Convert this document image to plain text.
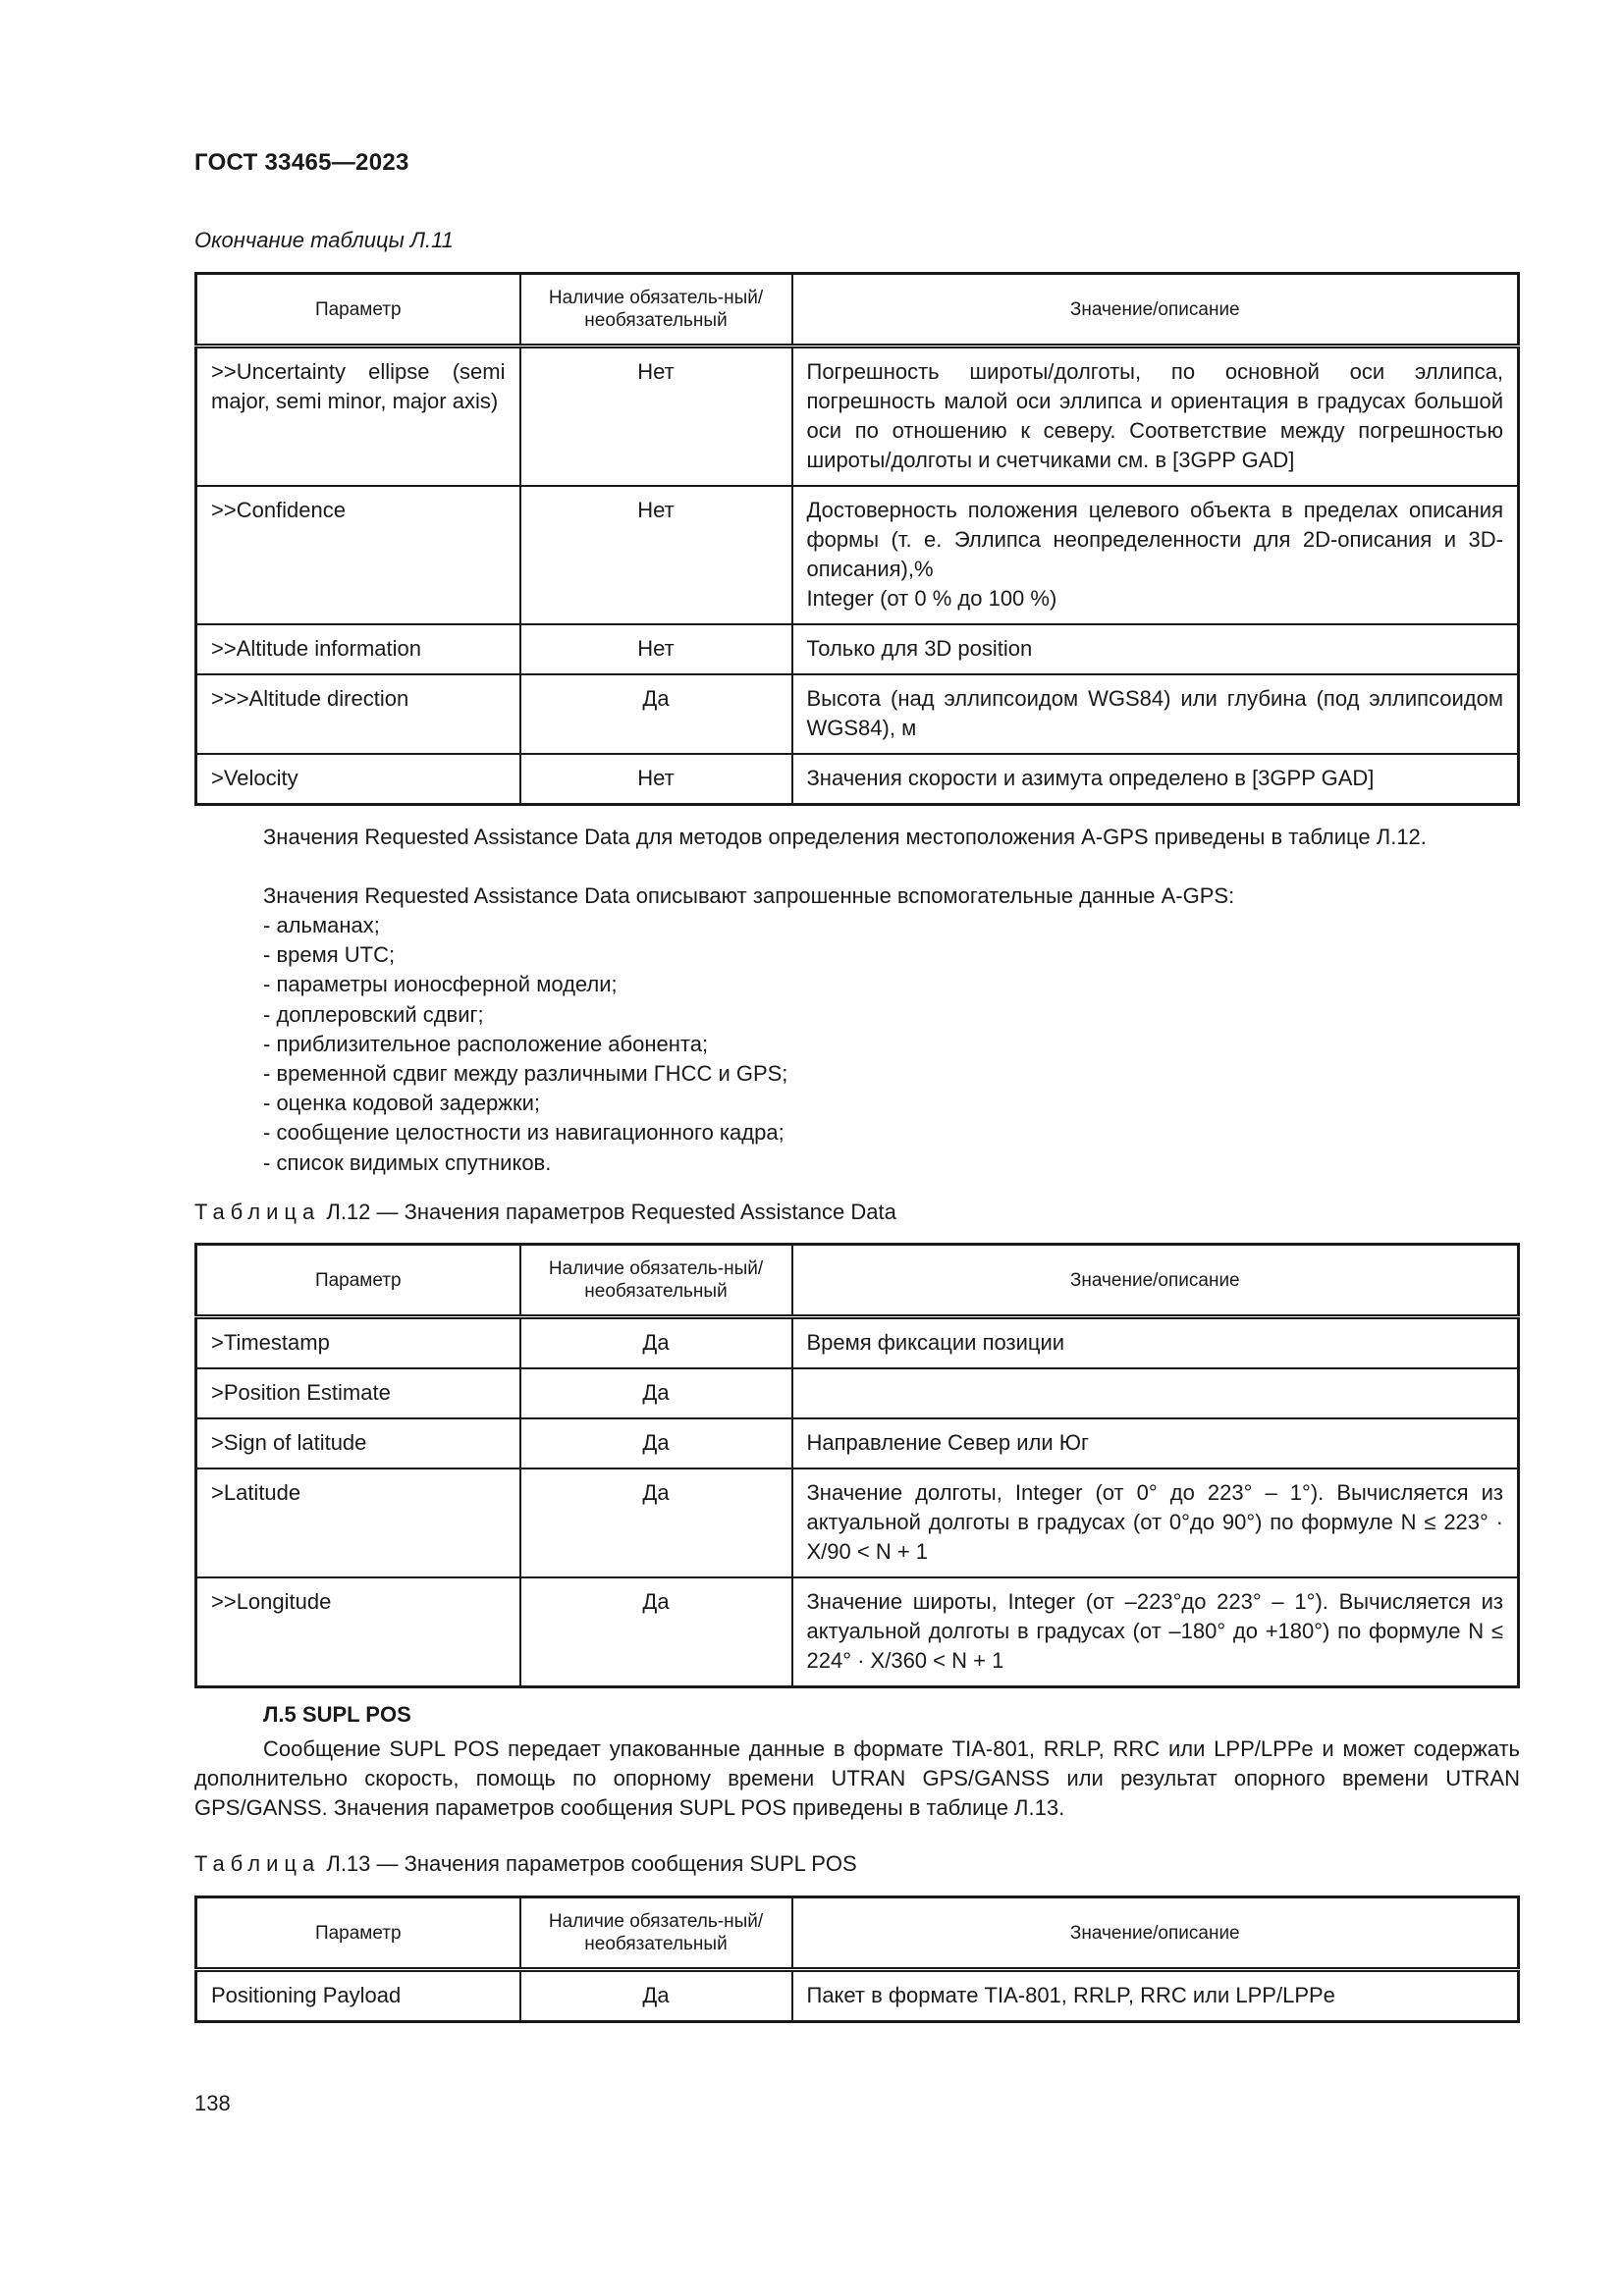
ГОСТ 33465—2023
Окончание таблицы Л.11
Параметр	Наличие обязатель-ный/необязательный	Значение/описание
>>Uncertainty ellipse (semi major, semi minor, major axis)	Нет	Погрешность широты/долготы, по основной оси эллипса, погрешность малой оси эллипса и ориентация в градусах большой оси по отношению к северу. Соответствие между погрешностью широты/долготы и счетчиками см. в [3GPP GAD]
>>Confidence	Нет	Достоверность положения целевого объекта в пределах описания формы (т. е. Эллипса неопределенности для 2D-описания и 3D-описания),%
Integer (от 0 % до 100 %)

>>Altitude information	Нет	Только для 3D position
>>>Altitude direction	Да	Высота (над эллипсоидом WGS84) или глубина (под эллипсоидом WGS84), м
>Velocity	Нет	Значения скорости и азимута определено в [3GPP GAD]
Значения Requested Assistance Data для методов определения местоположения A-GPS приведены в таблице Л.12.
Значения Requested Assistance Data описывают запрошенные вспомогательные данные A-GPS:
- альманах;
- время UTC;
- параметры ионосферной модели;
- доплеровский сдвиг;
- приблизительное расположение абонента;
- временной сдвиг между различными ГНСС и GPS;
- оценка кодовой задержки;
- сообщение целостности из навигационного кадра;
- список видимых спутников.
Таблица Л.12 — Значения параметров Requested Assistance Data
Параметр	Наличие обязатель-ный/необязательный	Значение/описание
>Timestamp	Да	Время фиксации позиции
>Position Estimate	Да	
>Sign of latitude	Да	Направление Север или Юг
>Latitude	Да	Значение долготы, Integer (от 0° до 223° – 1°). Вычисляется из актуальной долготы в градусах (от 0°до 90°) по формуле N ≤ 223° · X/90 < N + 1
>>Longitude	Да	Значение широты, Integer (от –223°до 223° – 1°). Вычисляется из актуальной долготы в градусах (от –180° до +180°) по формуле N ≤ 224° · X/360 < N + 1
Л.5 SUPL POS
Сообщение SUPL POS передает упакованные данные в формате TIA-801, RRLP, RRC или LPP/LPPe и может содержать дополнительно скорость, помощь по опорному времени UTRAN GPS/GANSS или результат опорного времени UTRAN GPS/GANSS. Значения параметров сообщения SUPL POS приведены в таблице Л.13.
Таблица Л.13 — Значения параметров сообщения SUPL POS
Параметр	Наличие обязатель-ный/необязательный	Значение/описание
Positioning Payload	Да	Пакет в формате TIA-801, RRLP, RRC или LPP/LPPe
138
